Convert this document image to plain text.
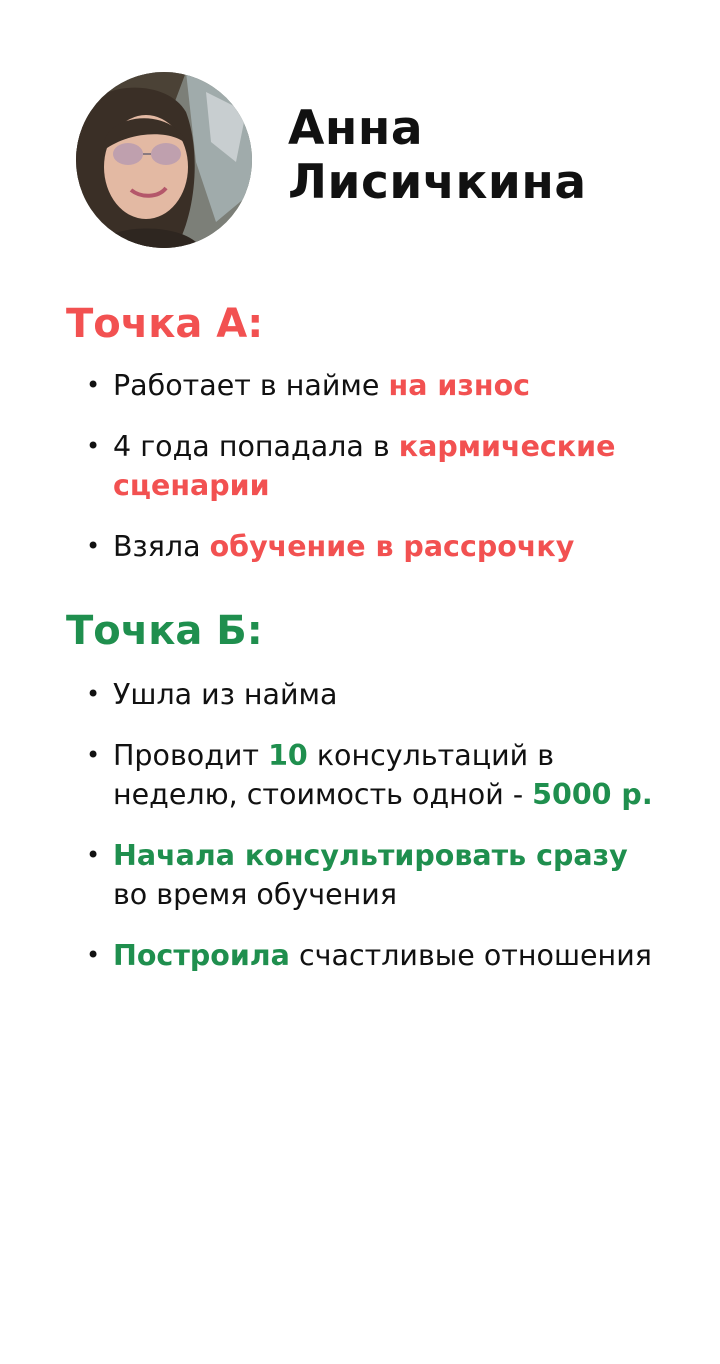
Анна
Лисичкина
Точка А:
• Работает в найме на износ
• 4 года попадала в кармические сценарии
• Взяла обучение в рассрочку
Точка Б:
• Ушла из найма
• Проводит 10 консультаций в неделю, стоимость одной - 5000 р.
• Начала консультировать сразу во время обучения
• Построила счастливые отношения
